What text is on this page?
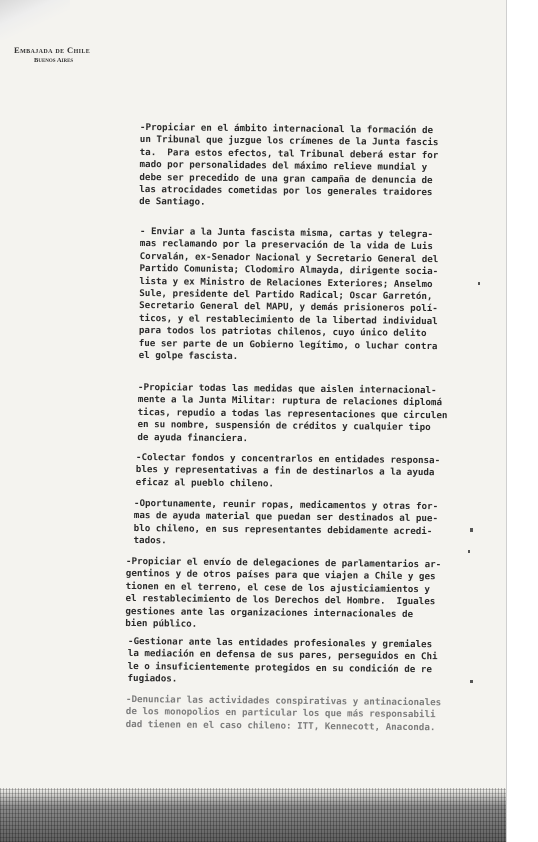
Embajada de Chile
Buenos Aires
-Propiciar en el ámbito internacional la formación de
un Tribunal que juzgue los crímenes de la Junta fascis
ta.  Para estos efectos, tal Tribunal deberá estar for
mado por personalidades del máximo relieve mundial y
debe ser precedido de una gran campaña de denuncia de
las atrocidades cometidas por los generales traidores
de Santiago.
- Enviar a la Junta fascista misma, cartas y telegra-
mas reclamando por la preservación de la vida de Luis
Corvalán, ex-Senador Nacional y Secretario General del
Partido Comunista; Clodomiro Almayda, dirigente socia-
lista y ex Ministro de Relaciones Exteriores; Anselmo
Sule, presidente del Partido Radical; Oscar Garretón,
Secretario General del MAPU, y demás prisioneros polí-
ticos, y el restablecimiento de la libertad individual
para todos los patriotas chilenos, cuyo único delito
fue ser parte de un Gobierno legítimo, o luchar contra
el golpe fascista.
-Propiciar todas las medidas que aislen internacional-
mente a la Junta Militar: ruptura de relaciones diplomá
ticas, repudio a todas las representaciones que circulen
en su nombre, suspensión de créditos y cualquier tipo
de ayuda financiera.
-Colectar fondos y concentrarlos en entidades responsa-
bles y representativas a fin de destinarlos a la ayuda
eficaz al pueblo chileno.
-Oportunamente, reunir ropas, medicamentos y otras for-
mas de ayuda material que puedan ser destinados al pue-
blo chileno, en sus representantes debidamente acredi-
tados.
-Propiciar el envío de delegaciones de parlamentarios ar-
gentinos y de otros países para que viajen a Chile y ges
tionen en el terreno, el cese de los ajusticiamientos y
el restablecimiento de los Derechos del Hombre.  Iguales
gestiones ante las organizaciones internacionales de
bien público.
-Gestionar ante las entidades profesionales y gremiales
la mediación en defensa de sus pares, perseguidos en Chi
le o insuficientemente protegidos en su condición de re
fugiados.
-Denunciar las actividades conspirativas y antinacionales
de los monopolios en particular los que más responsabili
dad tienen en el caso chileno: ITT, Kennecott, Anaconda.
